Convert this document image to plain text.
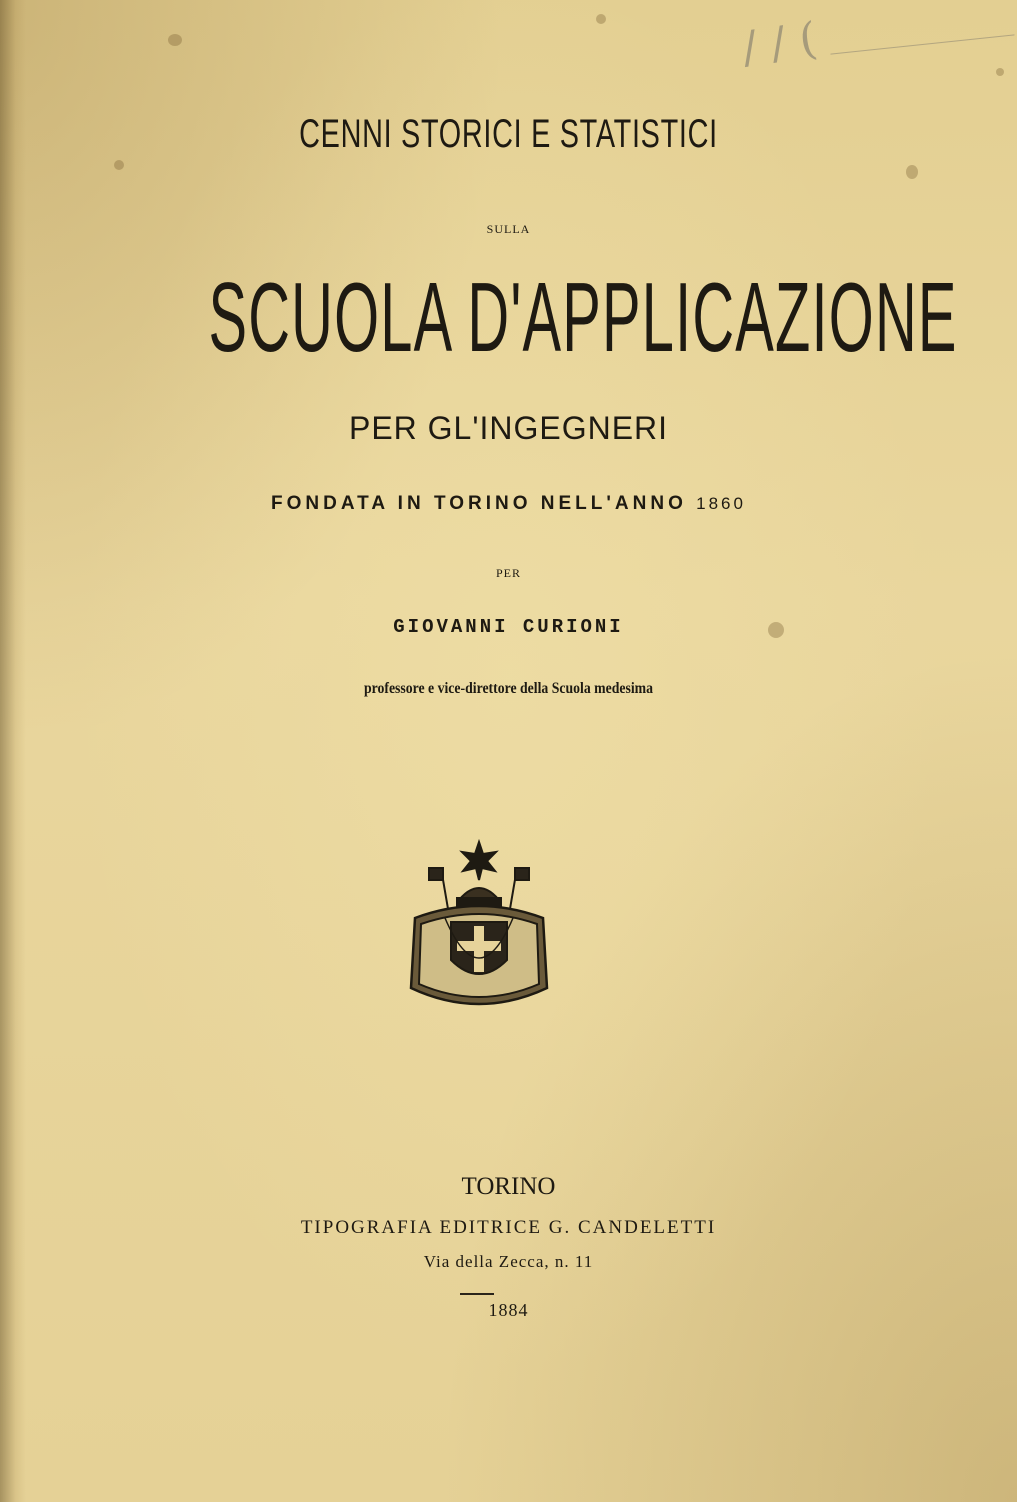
/ / (
CENNI STORICI E STATISTICI
SULLA
SCUOLA D'APPLICAZIONE
PER GL'INGEGNERI
FONDATA IN TORINO NELL'ANNO 1860
PER
GIOVANNI CURIONI
professore e vice-direttore della Scuola medesima
TORINO
TIPOGRAFIA EDITRICE G. CANDELETTI
Via della Zecca, n. 11
1884
